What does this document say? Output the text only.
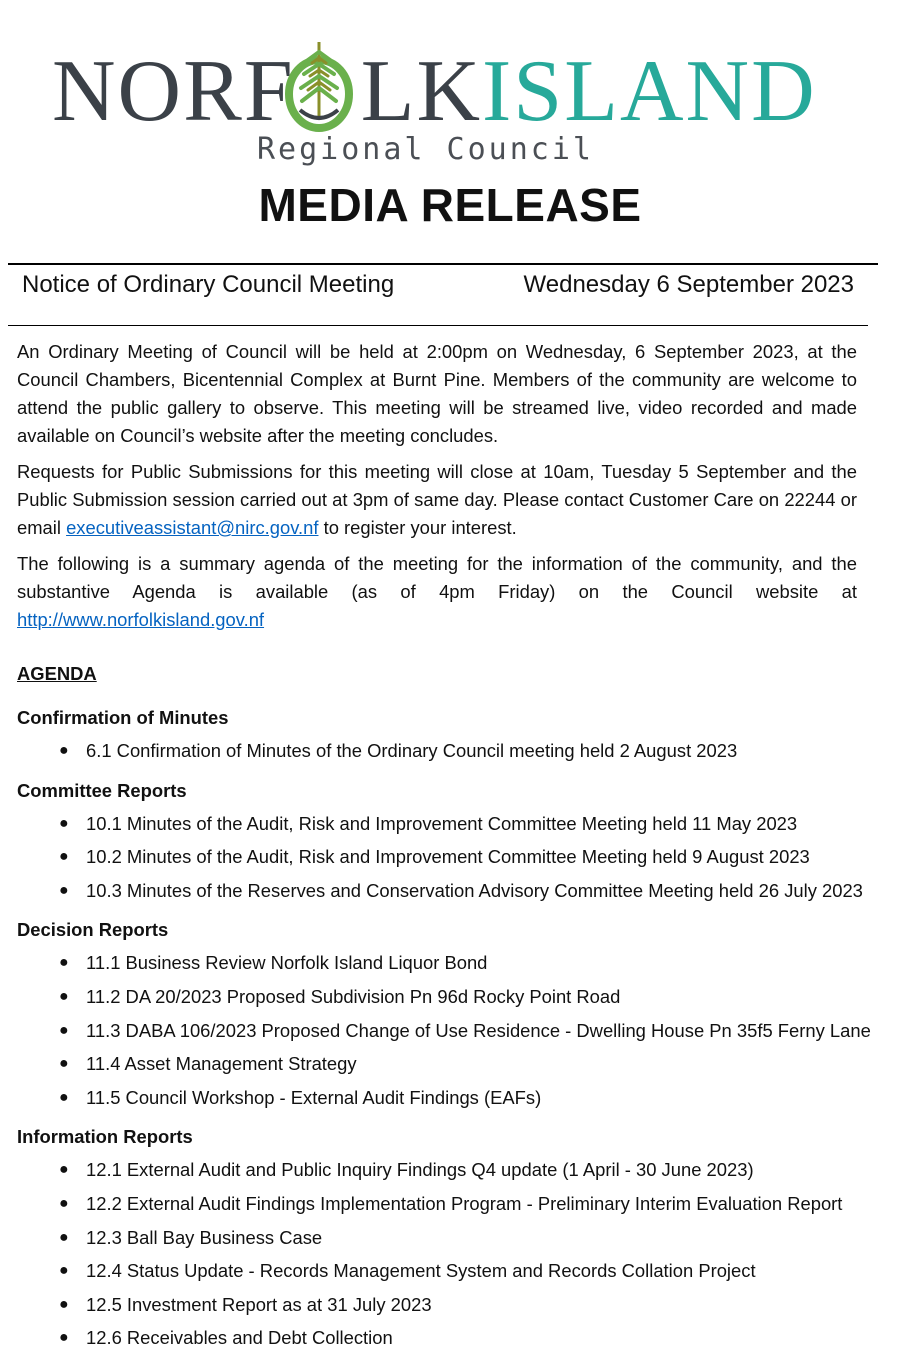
NORF LK ISLAND
Regional Council
MEDIA RELEASE
Notice of Ordinary Council Meeting	Wednesday 6 September 2023

An Ordinary Meeting of Council will be held at 2:00pm on Wednesday, 6 September 2023, at the Council Chambers, Bicentennial Complex at Burnt Pine. Members of the community are welcome to attend the public gallery to observe. This meeting will be streamed live, video recorded and made available on Council’s website after the meeting concludes.

Requests for Public Submissions for this meeting will close at 10am, Tuesday 5 September and the Public Submission session carried out at 3pm of same day. Please contact Customer Care on 22244 or email executiveassistant@nirc.gov.nf to register your interest.

The following is a summary agenda of the meeting for the information of the community, and the substantive Agenda is available (as of 4pm Friday) on the Council website at http://www.norfolkisland.gov.nf

AGENDA
Confirmation of Minutes
● 6.1 Confirmation of Minutes of the Ordinary Council meeting held 2 August 2023
Committee Reports
● 10.1 Minutes of the Audit, Risk and Improvement Committee Meeting held 11 May 2023
● 10.2 Minutes of the Audit, Risk and Improvement Committee Meeting held 9 August 2023
● 10.3 Minutes of the Reserves and Conservation Advisory Committee Meeting held 26 July 2023
Decision Reports
● 11.1 Business Review Norfolk Island Liquor Bond
● 11.2 DA 20/2023 Proposed Subdivision Pn 96d Rocky Point Road
● 11.3 DABA 106/2023 Proposed Change of Use Residence - Dwelling House Pn 35f5 Ferny Lane
● 11.4 Asset Management Strategy
● 11.5 Council Workshop - External Audit Findings (EAFs)
Information Reports
● 12.1 External Audit and Public Inquiry Findings Q4 update (1 April - 30 June 2023)
● 12.2 External Audit Findings Implementation Program - Preliminary Interim Evaluation Report
● 12.3 Ball Bay Business Case
● 12.4 Status Update - Records Management System and Records Collation Project
● 12.5 Investment Report as at 31 July 2023
● 12.6 Receivables and Debt Collection
